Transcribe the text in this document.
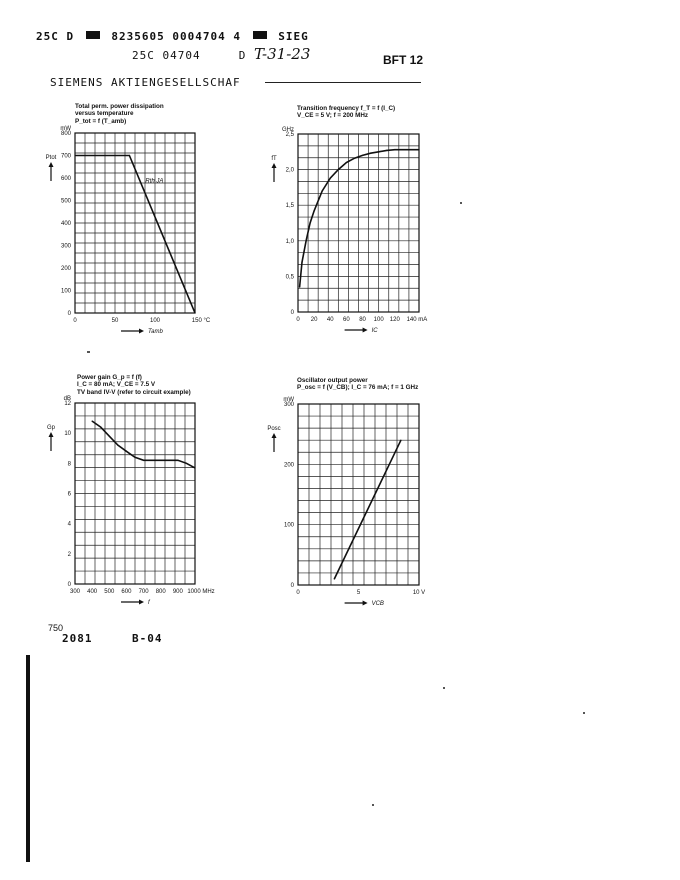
25C D	8235605 0004704 4	SIEG
25C 04704	D T-31-23	BFT 12
SIEMENS AKTIENGESELLSCHAF
Total perm. power dissipation
versus temperature
P_tot = f (T_amb)
Transition frequency f_T = f (I_C)
V_CE = 5 V; f = 200 MHz
Power gain G_p = f (f)
I_C = 80 mA; V_CE = 7.5 V
TV band IV-V (refer to circuit example)
Oscillator output power
P_osc = f (V_CB); I_C = 76 mA; f = 1 GHz
0
100
200
300
400
500
600
700
800
0	50	100	150 °C
mW
Ptot
Tamb
Rth JA
0
0,5
1,0
1,5
2,0
2,5
0 20 40 60 80 100 120 140 mA
GHz
fT
IC
0
2
4
6
8
10
12
300 400 500 600 700 800 900 1000 MHz
dB
Gp
f
0
100
200
300
0	5	10 V
mW
Posc
VCB
750
2081	B-04
